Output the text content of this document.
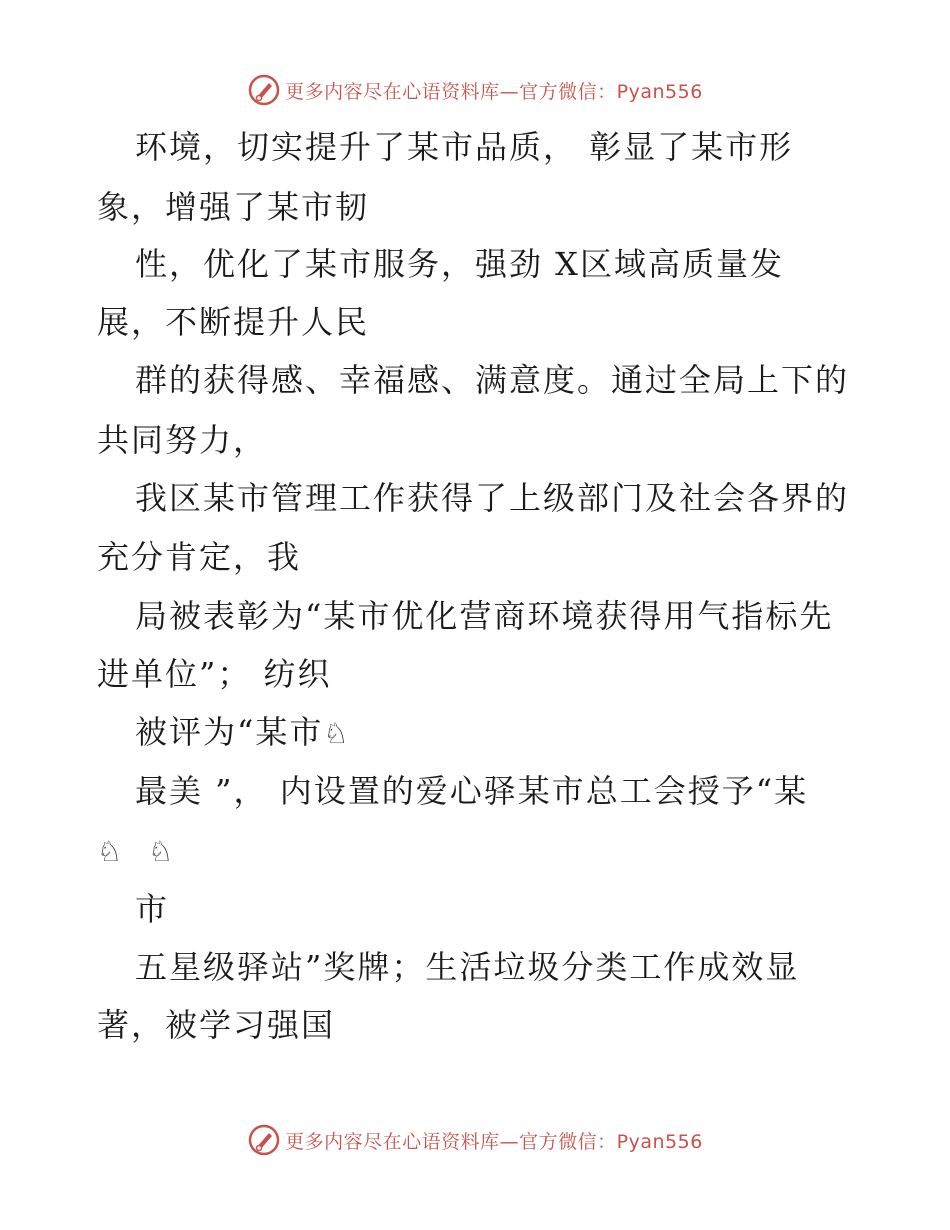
更多内容尽在心语资料库—官方微信：Pyan556
环境，切实提升了某市品质， 彰显了某市形
象，增强了某市韧
性，优化了某市服务，强劲 X区域高质量发
展，不断提升人民
群的获得感、幸福感、满意度。通过全局上下的
共同努力，
我区某市管理工作获得了上级部门及社会各界的
充分肯定，我
局被表彰为“某市优化营商环境获得用气指标先
进单位”； 纺织
被评为“某市♘
最美 ”， 内设置的爱心驿某市总工会授予“某
♘ ♘
市
五星级驿站”奖牌；生活垃圾分类工作成效显
著，被学习强国
更多内容尽在心语资料库—官方微信：Pyan556
